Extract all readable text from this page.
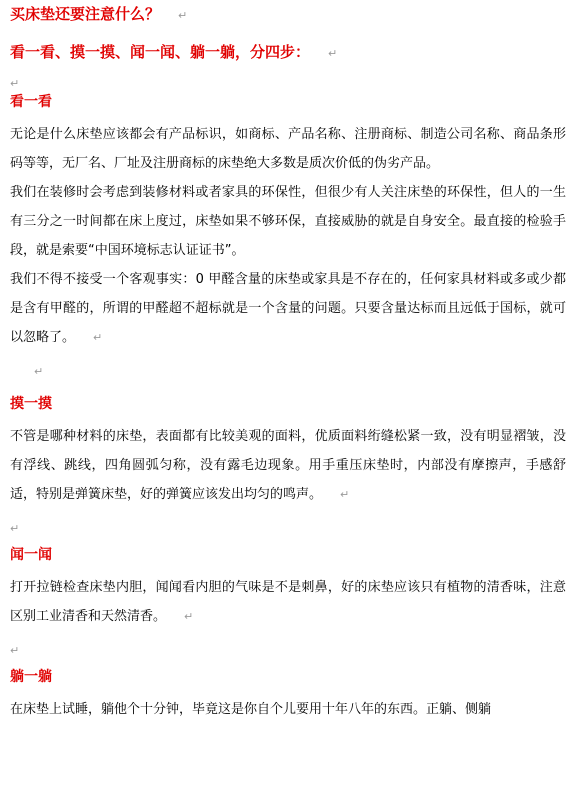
买床垫还要注意什么？ ↵
看一看、摸一摸、闻一闻、躺一躺，分四步： ↵
↵
看一看

无论是什么床垫应该都会有产品标识，如商标、产品名称、注册商标、制造公司名称、商品条形码等等，无厂名、厂址及注册商标的床垫绝大多数是质次价低的伪劣产品。

我们在装修时会考虑到装修材料或者家具的环保性，但很少有人关注床垫的环保性，但人的一生有三分之一时间都在床上度过，床垫如果不够环保，直接威胁的就是自身安全。最直接的检验手段，就是索要“中国环境标志认证证书”。

我们不得不接受一个客观事实：0 甲醛含量的床垫或家具是不存在的，任何家具材料或多或少都是含有甲醛的，所谓的甲醛超不超标就是一个含量的问题。只要含量达标而且远低于国标，就可以忽略了。 ↵

↵
摸一摸

不管是哪种材料的床垫，表面都有比较美观的面料，优质面料绗缝松紧一致，没有明显褶皱，没有浮线、跳线，四角圆弧匀称，没有露毛边现象。用手重压床垫时，内部没有摩擦声，手感舒适，特别是弹簧床垫，好的弹簧应该发出均匀的鸣声。 ↵

↵
闻一闻

打开拉链检查床垫内胆，闻闻看内胆的气味是不是刺鼻，好的床垫应该只有植物的清香味，注意区别工业清香和天然清香。 ↵

↵
躺一躺

在床垫上试睡，躺他个十分钟，毕竟这是你自个儿要用十年八年的东西。正躺、侧躺
